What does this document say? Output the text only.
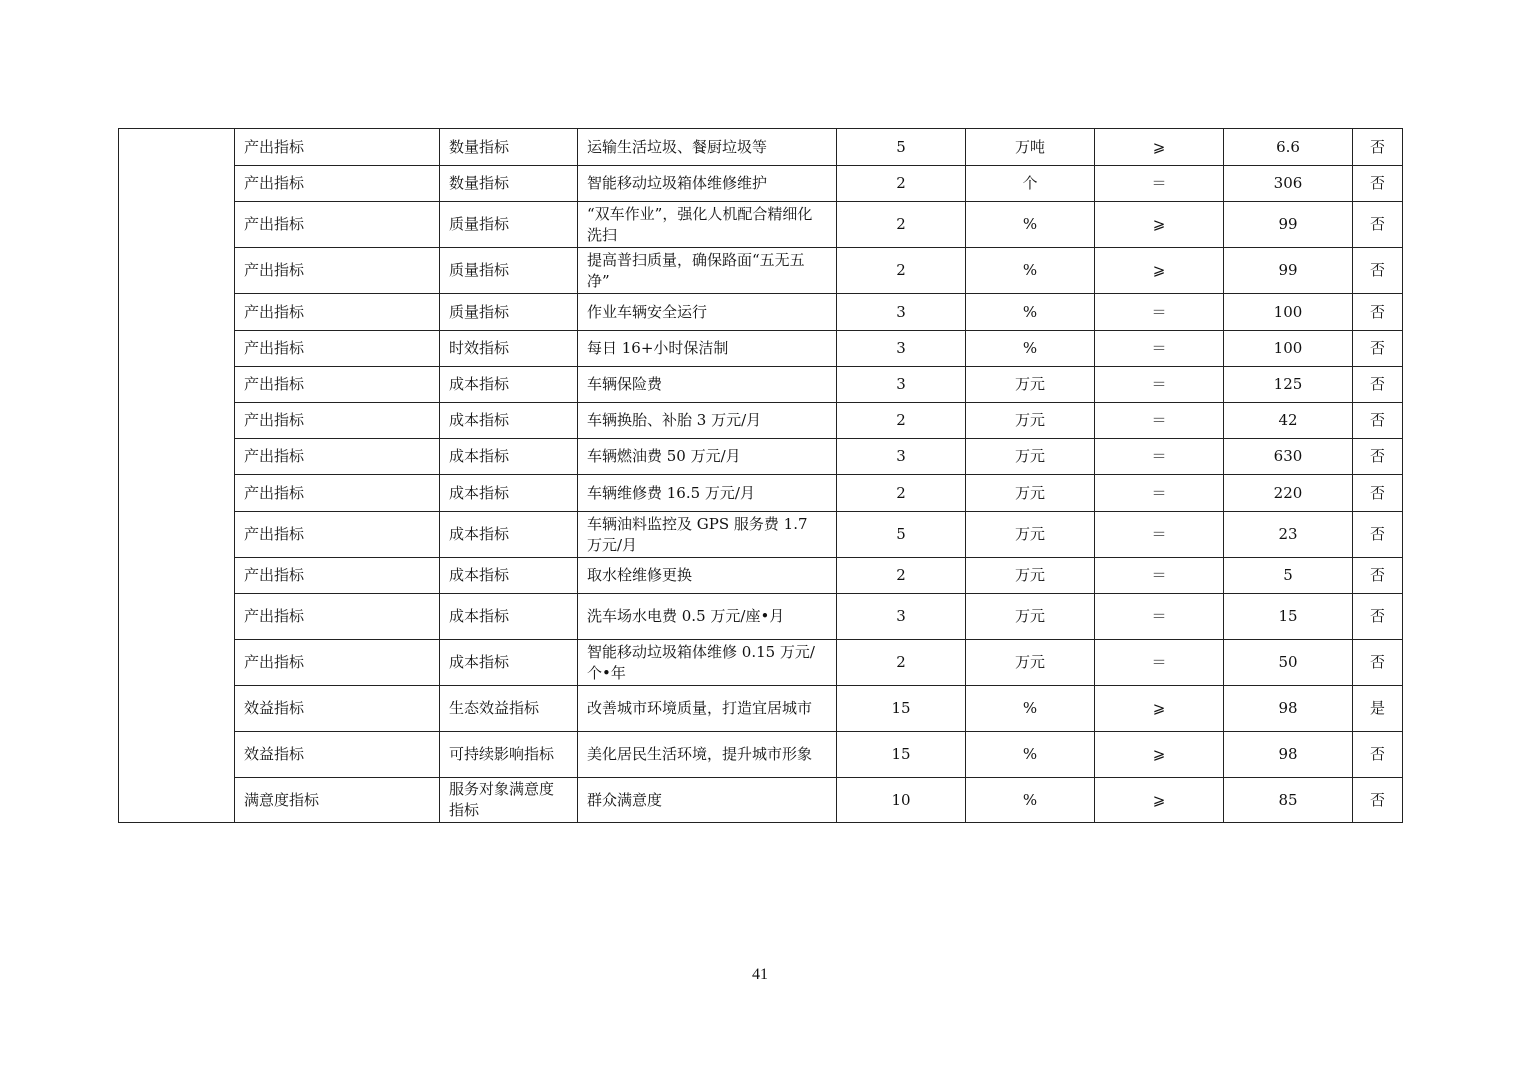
	产出指标	数量指标	运输生活垃圾、餐厨垃圾等	5	万吨	⩾	6.6	否
	产出指标	数量指标	智能移动垃圾箱体维修维护	2	个	＝	306	否
	产出指标	质量指标	“双车作业”，强化人机配合精细化洗扫	2	%	⩾	99	否
	产出指标	质量指标	提高普扫质量，确保路面“五无五净”	2	%	⩾	99	否
	产出指标	质量指标	作业车辆安全运行	3	%	＝	100	否
	产出指标	时效指标	每日 16+小时保洁制	3	%	＝	100	否
	产出指标	成本指标	车辆保险费	3	万元	＝	125	否
	产出指标	成本指标	车辆换胎、补胎 3 万元/月	2	万元	＝	42	否
	产出指标	成本指标	车辆燃油费 50 万元/月	3	万元	＝	630	否
	产出指标	成本指标	车辆维修费 16.5 万元/月	2	万元	＝	220	否
	产出指标	成本指标	车辆油料监控及 GPS 服务费 1.7 万元/月	5	万元	＝	23	否
	产出指标	成本指标	取水栓维修更换	2	万元	＝	5	否
	产出指标	成本指标	洗车场水电费 0.5 万元/座•月	3	万元	＝	15	否
	产出指标	成本指标	智能移动垃圾箱体维修 0.15 万元/个•年	2	万元	＝	50	否
	效益指标	生态效益指标	改善城市环境质量，打造宜居城市	15	%	⩾	98	是
	效益指标	可持续影响指标	美化居民生活环境，提升城市形象	15	%	⩾	98	否
	满意度指标	服务对象满意度指标	群众满意度	10	%	⩾	85	否
41
